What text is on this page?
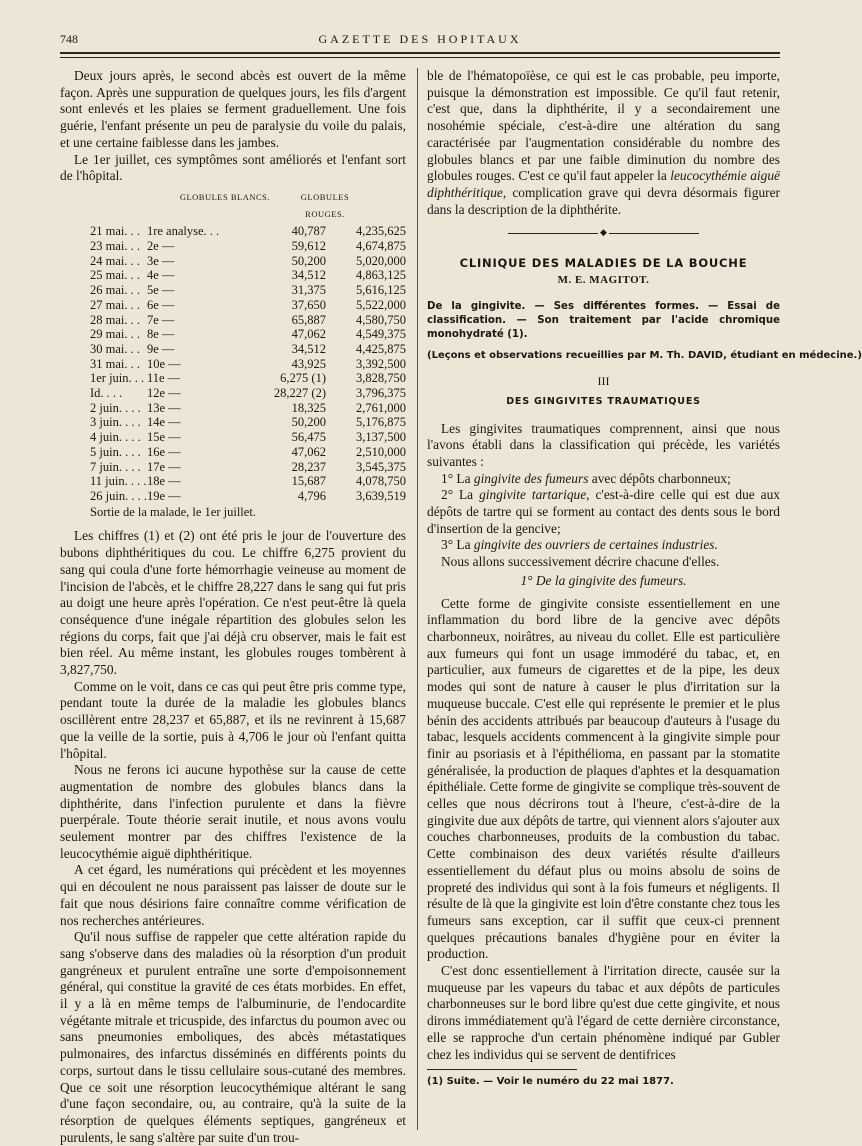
748	GAZETTE DES HOPITAUX

Deux jours après, le second abcès est ouvert de la même façon. Après une suppuration de quelques jours, les fils d'argent sont enlevés et les plaies se ferment graduellement. Une fois guérie, l'enfant présente un peu de paralysie du voile du palais, et une certaine faiblesse dans les jambes.

Le 1er juillet, ces symptômes sont améliorés et l'enfant sort de l'hôpital.

GLOBULES BLANCS.	GLOBULES ROUGES.
21 mai. . .	1re analyse. . .	40,787	4,235,625
23 mai. . .	2e —	59,612	4,674,875
24 mai. . .	3e —	50,200	5,020,000
25 mai. . .	4e —	34,512	4,863,125
26 mai. . .	5e —	31,375	5,616,125
27 mai. . .	6e —	37,650	5,522,000
28 mai. . .	7e —	65,887	4,580,750
29 mai. . .	8e —	47,062	4,549,375
30 mai. . .	9e —	34,512	4,425,875
31 mai. . .	10e —	43,925	3,392,500
1er juin. . .	11e —	6,275 (1)	3,828,750
Id. . . .	12e —	28,227 (2)	3,796,375
2 juin. . . .	13e —	18,325	2,761,000
3 juin. . . .	14e —	50,200	5,176,875
4 juin. . . .	15e —	56,475	3,137,500
5 juin. . . .	16e —	47,062	2,510,000
7 juin. . . .	17e —	28,237	3,545,375
11 juin. . . .	18e —	15,687	4,078,750
26 juin. . . .	19e —	4,796	3,639,519
Sortie de la malade, le 1er juillet.

Les chiffres (1) et (2) ont été pris le jour de l'ouverture des bubons diphthéritiques du cou. Le chiffre 6,275 provient du sang qui coula d'une forte hémorrhagie veineuse au moment de l'incision de l'abcès, et le chiffre 28,227 dans le sang qui fut pris au doigt une heure après l'opération. Ce n'est peut-être là quela conséquence d'une inégale répartition des globules selon les régions du corps, fait que j'ai déjà cru observer, mais le fait est bien réel. Au même instant, les globules rouges tombèrent à 3,827,750.

Comme on le voit, dans ce cas qui peut être pris comme type, pendant toute la durée de la maladie les globules blancs oscillèrent entre 28,237 et 65,887, et ils ne revinrent à 15,687 que la veille de la sortie, puis à 4,706 le jour où l'enfant quitta l'hôpital.

Nous ne ferons ici aucune hypothèse sur la cause de cette augmentation de nombre des globules blancs dans la diphthérite, dans l'infection purulente et dans la fièvre puerpérale. Toute théorie serait inutile, et nous avons voulu seulement montrer par des chiffres l'existence de la leucocythémie aiguë diphthéritique.

A cet égard, les numérations qui précèdent et les moyennes qui en découlent ne nous paraissent pas laisser de doute sur le fait que nous désirions faire connaître comme vérification de nos recherches antérieures.

Qu'il nous suffise de rappeler que cette altération rapide du sang s'observe dans des maladies où la résorption d'un produit gangréneux et purulent entraîne une sorte d'empoisonnement général, qui constitue la gravité de ces états morbides. En effet, il y a là en même temps de l'albuminurie, de l'endocardite végétante mitrale et tricuspide, des infarctus du poumon avec ou sans pneumonies emboliques, des abcès métastatiques pulmonaires, des infarctus disséminés en différents points du corps, surtout dans le tissu cellulaire sous-cutané des membres. Que ce soit une résorption leucocythémique altérant le sang d'une façon secondaire, ou, au contraire, qu'à la suite de la résorption de quelques éléments septiques, gangréneux et purulents, le sang s'altère par suite d'un trou-

ble de l'hématopoïèse, ce qui est le cas probable, peu importe, puisque la démonstration est impossible. Ce qu'il faut retenir, c'est que, dans la diphthérite, il y a secondairement une nosohémie spéciale, c'est-à-dire une altération du sang caractérisée par l'augmentation considérable du nombre des globules blancs et par une faible diminution du nombre des globules rouges. C'est ce qu'il faut appeler la leucocythémie aiguë diphthéritique, complication grave qui devra désormais figurer dans la description de la diphthérite.

◆
CLINIQUE DES MALADIES DE LA BOUCHE
M. E. MAGITOT.
De la gingivite. — Ses différentes formes. — Essai de classification. — Son traitement par l'acide chromique monohydraté (1).
(Leçons et observations recueillies par M. Th. DAVID, étudiant en médecine.)
III
DES GINGIVITES TRAUMATIQUES

Les gingivites traumatiques comprennent, ainsi que nous l'avons établi dans la classification qui précède, les variétés suivantes :

1° La gingivite des fumeurs avec dépôts charbonneux;

2° La gingivite tartarique, c'est-à-dire celle qui est due aux dépôts de tartre qui se forment au contact des dents sous le bord d'insertion de la gencive;

3° La gingivite des ouvriers de certaines industries.

Nous allons successivement décrire chacune d'elles.

1° De la gingivite des fumeurs.

Cette forme de gingivite consiste essentiellement en une inflammation du bord libre de la gencive avec dépôts charbonneux, noirâtres, au niveau du collet. Elle est particulière aux fumeurs qui font un usage immodéré du tabac, et, en particulier, aux fumeurs de cigarettes et de la pipe, les deux modes qui sont de nature à causer le plus d'irritation sur la muqueuse buccale. C'est elle qui représente le premier et le plus bénin des accidents attribués par beaucoup d'auteurs à l'usage du tabac, lesquels accidents commencent à la gingivite simple pour finir au psoriasis et à l'épithélioma, en passant par la stomatite généralisée, la production de plaques d'aphtes et la desquamation épithéliale. Cette forme de gingivite se complique très-souvent de celles que nous décrirons tout à l'heure, c'est-à-dire de la gingivite due aux dépôts de tartre, qui viennent alors s'ajouter aux couches charbonneuses, produits de la combustion du tabac. Cette combinaison des deux variétés résulte d'ailleurs essentiellement du défaut plus ou moins absolu de soins de propreté des individus qui sont à la fois fumeurs et négligents. Il résulte de là que la gingivite est loin d'être constante chez tous les fumeurs sans exception, car il suffit que ceux-ci prennent quelques précautions banales d'hygiène pour en éviter la production.

C'est donc essentiellement à l'irritation directe, causée sur la muqueuse par les vapeurs du tabac et aux dépôts de particules charbonneuses sur le bord libre qu'est due cette gingivite, et nous dirons immédiatement qu'à l'égard de cette dernière circonstance, elle se rapproche d'un certain phénomène indiqué par Gubler chez les individus qui se servent de dentifrices

(1) Suite. — Voir le numéro du 22 mai 1877.
